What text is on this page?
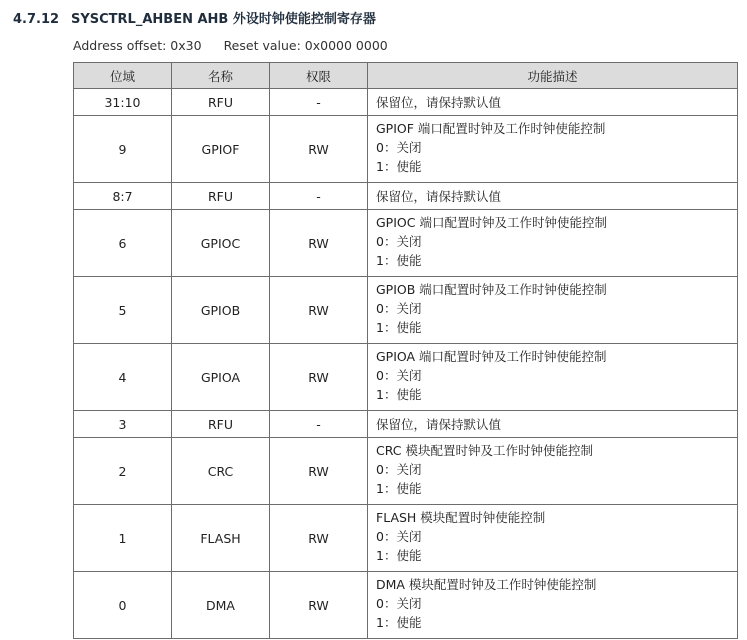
4.7.12 SYSCTRL_AHBEN AHB 外设时钟使能控制寄存器
Address offset: 0x30 Reset value: 0x0000 0000
位域	名称	权限	功能描述
31:10	RFU	-	保留位，请保持默认值

9	GPIOF	RW	GPIOF 端口配置时钟及工作时钟使能控制
0：关闭
1：使能

8:7	RFU	-	保留位，请保持默认值

6	GPIOC	RW	GPIOC 端口配置时钟及工作时钟使能控制
0：关闭
1：使能

5	GPIOB	RW	GPIOB 端口配置时钟及工作时钟使能控制
0：关闭
1：使能

4	GPIOA	RW	GPIOA 端口配置时钟及工作时钟使能控制
0：关闭
1：使能

3	RFU	-	保留位，请保持默认值

2	CRC	RW	CRC 模块配置时钟及工作时钟使能控制
0：关闭
1：使能

1	FLASH	RW	FLASH 模块配置时钟使能控制
0：关闭
1：使能

0	DMA	RW	DMA 模块配置时钟及工作时钟使能控制
0：关闭
1：使能
